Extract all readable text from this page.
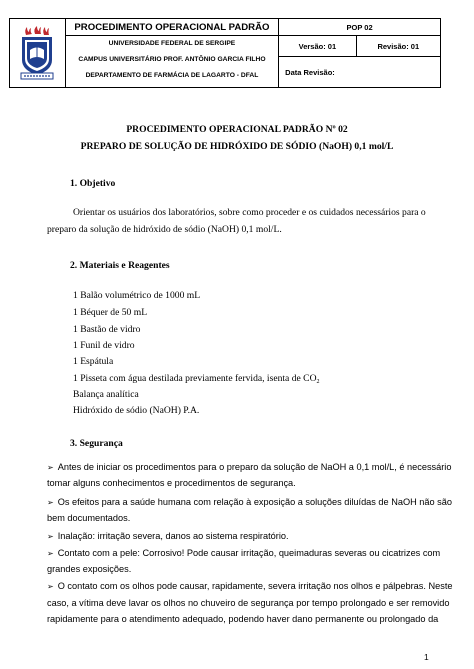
	PROCEDIMENTO OPERACIONAL PADRÃO	POP 02	

	UNIVERSIDADE FEDERAL DE SERGIPE
CAMPUS UNIVERSITÁRIO PROF. ANTÔNIO GARCIA FILHO
DEPARTAMENTO DE FARMÁCIA DE LAGARTO - DFAL	Versão: 01	Revisão: 01
		Data Revisão:	

PROCEDIMENTO OPERACIONAL PADRÃO Nº 02
PREPARO DE SOLUÇÃO DE HIDRÓXIDO DE SÓDIO (NaOH) 0,1 mol/L
1. Objetivo
Orientar os usuários dos laboratórios, sobre como proceder e os cuidados necessários para o
preparo da solução de hidróxido de sódio (NaOH) 0,1 mol/L.
2. Materiais e Reagentes
1 Balão volumétrico de 1000 mL
1 Béquer de 50 mL
1 Bastão de vidro
1 Funil de vidro
1 Espátula
1 Pisseta com água destilada previamente fervida, isenta de $CO_2$
Balança analítica
Hidróxido de sódio (NaOH) P.A.
3. Segurança
➢ Antes de iniciar os procedimentos para o preparo da solução de NaOH a 0,1 mol/L, é necessário
tomar alguns conhecimentos e procedimentos de segurança.
➢ Os efeitos para a saúde humana com relação à exposição a soluções diluídas de NaOH não são
bem documentados.
➢ Inalação: irritação severa, danos ao sistema respiratório.
➢ Contato com a pele: Corrosivo! Pode causar irritação, queimaduras severas ou cicatrizes com
grandes exposições.
➢ O contato com os olhos pode causar, rapidamente, severa irritação nos olhos e pálpebras. Neste
caso, a vítima deve lavar os olhos no chuveiro de segurança por tempo prolongado e ser removido
rapidamente para o atendimento adequado, podendo haver dano permanente ou prolongado da
1
